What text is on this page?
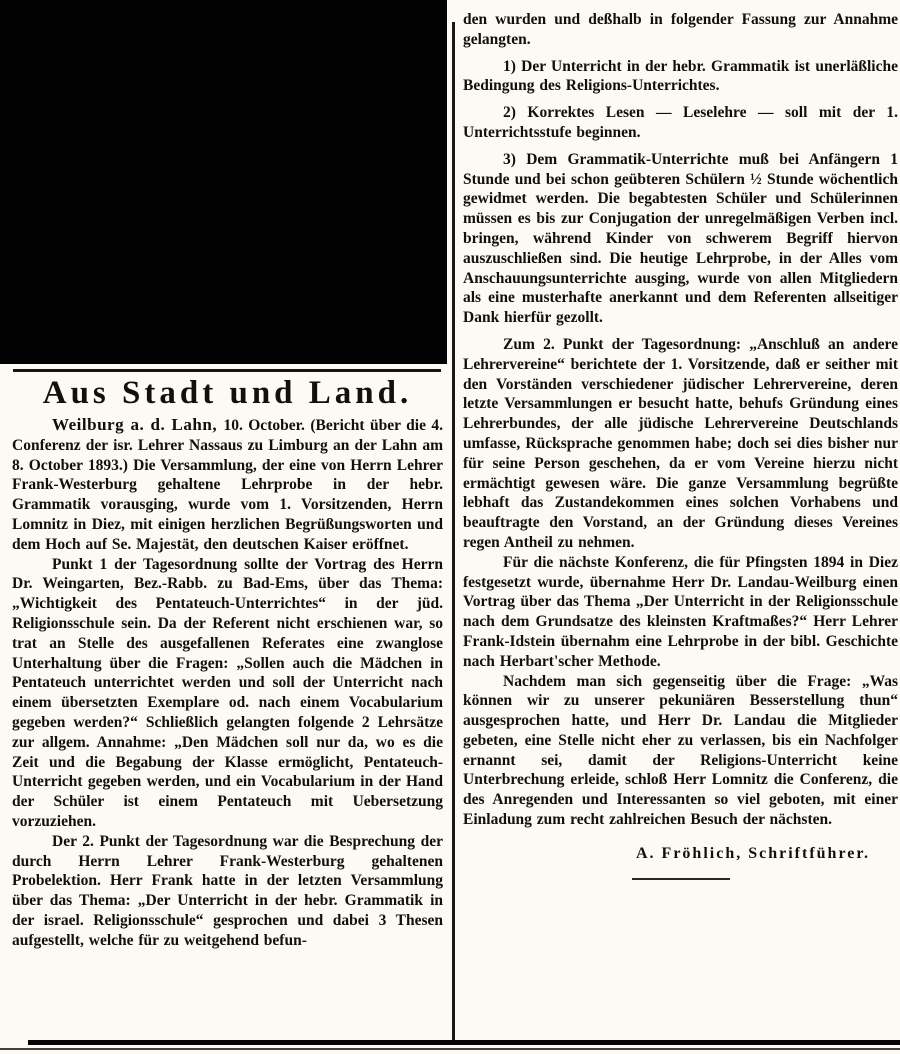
Aus Stadt und Land.

Weilburg a. d. Lahn, 10. October. (Bericht über die 4. Conferenz der isr. Lehrer Nassaus zu Limburg an der Lahn am 8. October 1893.) Die Versammlung, der eine von Herrn Lehrer Frank-Westerburg gehaltene Lehrprobe in der hebr. Grammatik vorausging, wurde vom 1. Vorsitzenden, Herrn Lomnitz in Diez, mit einigen herzlichen Begrüßungsworten und dem Hoch auf Se. Majestät, den deutschen Kaiser eröffnet.

Punkt 1 der Tagesordnung sollte der Vortrag des Herrn Dr. Weingarten, Bez.-Rabb. zu Bad-Ems, über das Thema: „Wichtigkeit des Pentateuch-Unterrichtes“ in der jüd. Religionsschule sein. Da der Referent nicht erschienen war, so trat an Stelle des ausgefallenen Referates eine zwanglose Unterhaltung über die Fragen: „Sollen auch die Mädchen in Pentateuch unterrichtet werden und soll der Unterricht nach einem übersetzten Exemplare od. nach einem Vocabularium gegeben werden?“ Schließlich gelangten folgende 2 Lehrsätze zur allgem. Annahme: „Den Mädchen soll nur da, wo es die Zeit und die Begabung der Klasse ermöglicht, Pentateuch-Unterricht gegeben werden, und ein Vocabularium in der Hand der Schüler ist einem Pentateuch mit Uebersetzung vorzuziehen.

Der 2. Punkt der Tagesordnung war die Besprechung der durch Herrn Lehrer Frank-Westerburg gehaltenen Probelektion. Herr Frank hatte in der letzten Versammlung über das Thema: „Der Unterricht in der hebr. Grammatik in der israel. Religionsschule“ gesprochen und dabei 3 Thesen aufgestellt, welche für zu weitgehend befun-

den wurden und deßhalb in folgender Fassung zur Annahme gelangten.

1) Der Unterricht in der hebr. Grammatik ist unerläßliche Bedingung des Religions-Unterrichtes.

2) Korrektes Lesen — Leselehre — soll mit der 1. Unterrichtsstufe beginnen.

3) Dem Grammatik-Unterrichte muß bei Anfängern 1 Stunde und bei schon geübteren Schülern ½ Stunde wöchentlich gewidmet werden. Die begabtesten Schüler und Schülerinnen müssen es bis zur Conjugation der unregelmäßigen Verben incl. bringen, während Kinder von schwerem Begriff hiervon auszuschließen sind. Die heutige Lehrprobe, in der Alles vom Anschauungsunterrichte ausging, wurde von allen Mitgliedern als eine musterhafte anerkannt und dem Referenten allseitiger Dank hierfür gezollt.

Zum 2. Punkt der Tagesordnung: „Anschluß an andere Lehrervereine“ berichtete der 1. Vorsitzende, daß er seither mit den Vorständen verschiedener jüdischer Lehrervereine, deren letzte Versammlungen er besucht hatte, behufs Gründung eines Lehrerbundes, der alle jüdische Lehrervereine Deutschlands umfasse, Rücksprache genommen habe; doch sei dies bisher nur für seine Person geschehen, da er vom Vereine hierzu nicht ermächtigt gewesen wäre. Die ganze Versammlung begrüßte lebhaft das Zustandekommen eines solchen Vorhabens und beauftragte den Vorstand, an der Gründung dieses Vereines regen Antheil zu nehmen.

Für die nächste Konferenz, die für Pfingsten 1894 in Diez festgesetzt wurde, übernahme Herr Dr. Landau-Weilburg einen Vortrag über das Thema „Der Unterricht in der Religionsschule nach dem Grundsatze des kleinsten Kraftmaßes?“ Herr Lehrer Frank-Idstein übernahm eine Lehrprobe in der bibl. Geschichte nach Herbart'scher Methode.

Nachdem man sich gegenseitig über die Frage: „Was können wir zu unserer pekuniären Besserstellung thun“ ausgesprochen hatte, und Herr Dr. Landau die Mitglieder gebeten, eine Stelle nicht eher zu verlassen, bis ein Nachfolger ernannt sei, damit der Religions-Unterricht keine Unterbrechung erleide, schloß Herr Lomnitz die Conferenz, die des Anregenden und Interessanten so viel geboten, mit einer Einladung zum recht zahlreichen Besuch der nächsten.

A. Fröhlich, Schriftführer.
